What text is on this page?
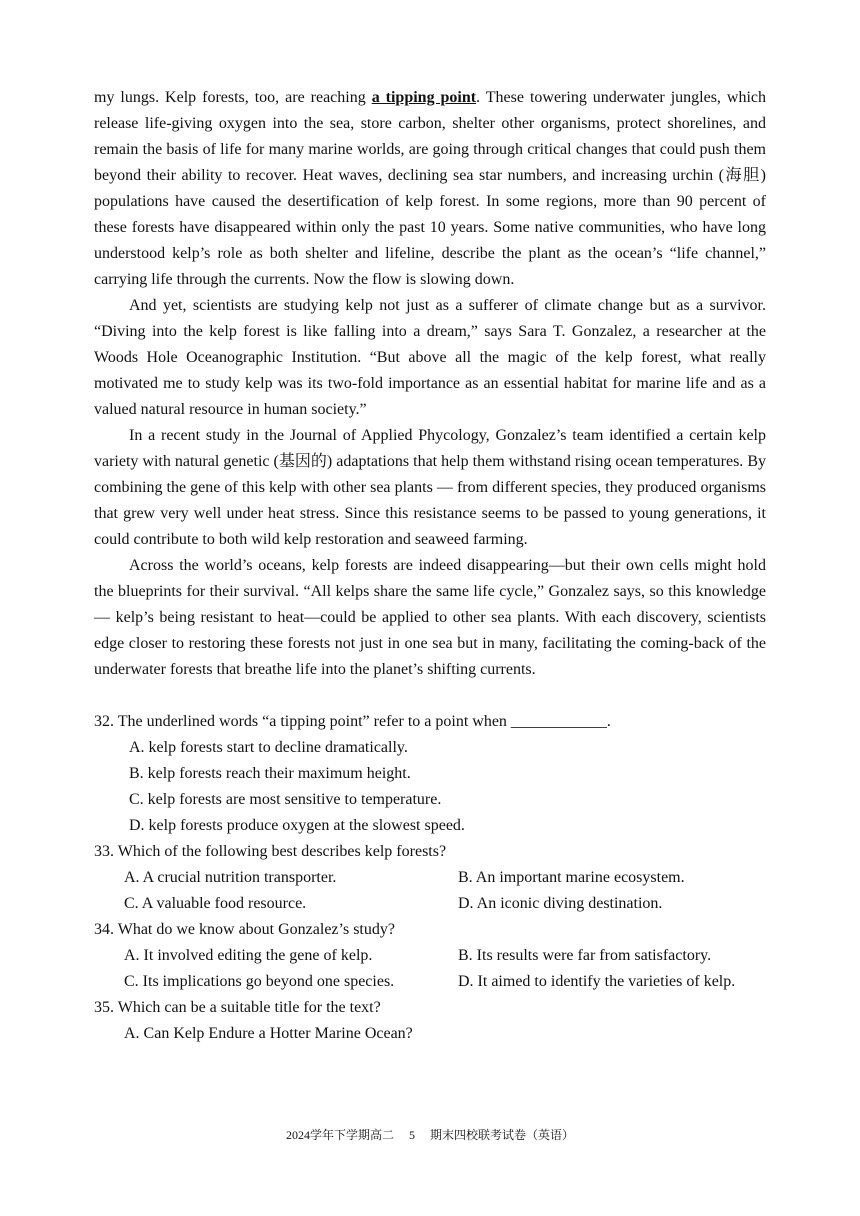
my lungs. Kelp forests, too, are reaching a tipping point. These towering underwater jungles, which release life-giving oxygen into the sea, store carbon, shelter other organisms, protect shorelines, and remain the basis of life for many marine worlds, are going through critical changes that could push them beyond their ability to recover. Heat waves, declining sea star numbers, and increasing urchin (海胆) populations have caused the desertification of kelp forest. In some regions, more than 90 percent of these forests have disappeared within only the past 10 years. Some native communities, who have long understood kelp’s role as both shelter and lifeline, describe the plant as the ocean’s “life channel,” carrying life through the currents. Now the flow is slowing down.

And yet, scientists are studying kelp not just as a sufferer of climate change but as a survivor. “Diving into the kelp forest is like falling into a dream,” says Sara T. Gonzalez, a researcher at the Woods Hole Oceanographic Institution. “But above all the magic of the kelp forest, what really motivated me to study kelp was its two-fold importance as an essential habitat for marine life and as a valued natural resource in human society.”

In a recent study in the Journal of Applied Phycology, Gonzalez’s team identified a certain kelp variety with natural genetic (基因的) adaptations that help them withstand rising ocean temperatures. By combining the gene of this kelp with other sea plants — from different species, they produced organisms that grew very well under heat stress. Since this resistance seems to be passed to young generations, it could contribute to both wild kelp restoration and seaweed farming.

Across the world’s oceans, kelp forests are indeed disappearing—but their own cells might hold the blueprints for their survival. “All kelps share the same life cycle,” Gonzalez says, so this knowledge — kelp’s being resistant to heat—could be applied to other sea plants. With each discovery, scientists edge closer to restoring these forests not just in one sea but in many, facilitating the coming-back of the underwater forests that breathe life into the planet’s shifting currents.

32. The underlined words “a tipping point” refer to a point when ____________.

A. kelp forests start to decline dramatically.

B. kelp forests reach their maximum height.

C. kelp forests are most sensitive to temperature.

D. kelp forests produce oxygen at the slowest speed.

33. Which of the following best describes kelp forests?

A. A crucial nutrition transporter.	B. An important marine ecosystem.
C. A valuable food resource.	D. An iconic diving destination.

34. What do we know about Gonzalez’s study?

A. It involved editing the gene of kelp.	B. Its results were far from satisfactory.
C. Its implications go beyond one species.	D. It aimed to identify the varieties of kelp.

35. Which can be a suitable title for the text?

A. Can Kelp Endure a Hotter Marine Ocean?
2024学年下学期高二 5 期末四校联考试卷（英语）
